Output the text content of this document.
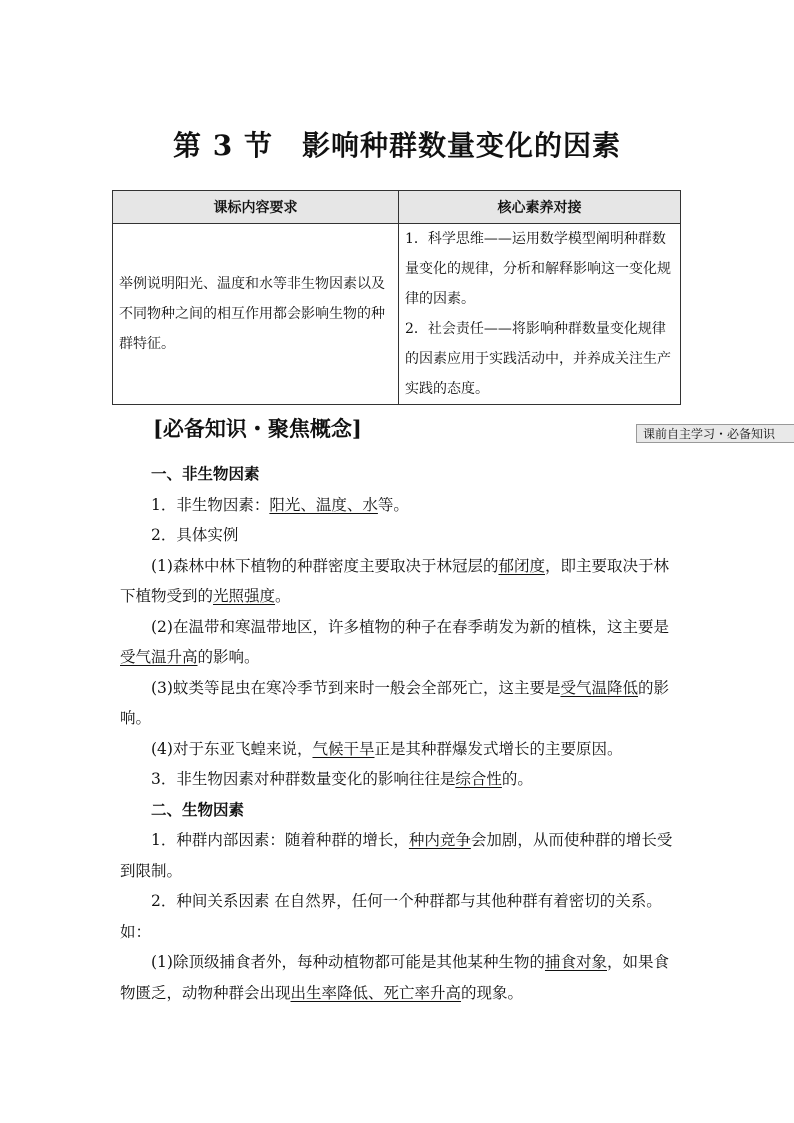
第 3 节　影响种群数量变化的因素
课标内容要求	核心素养对接
举例说明阳光、温度和水等非生物因素以及不同物种之间的相互作用都会影响生物的种群特征。	1．科学思维——运用数学模型阐明种群数量变化的规律，分析和解释影响这一变化规律的因素。
2．社会责任——将影响种群数量变化规律的因素应用于实践活动中，并养成关注生产实践的态度。
[必备知识・聚焦概念]	课前自主学习・必备知识

一、非生物因素

1．非生物因素：阳光、温度、水等。

2．具体实例

(1)森林中林下植物的种群密度主要取决于林冠层的郁闭度，即主要取决于林下植物受到的光照强度。

(2)在温带和寒温带地区，许多植物的种子在春季萌发为新的植株，这主要是受气温升高的影响。

(3)蚊类等昆虫在寒冷季节到来时一般会全部死亡，这主要是受气温降低的影响。

(4)对于东亚飞蝗来说，气候干旱正是其种群爆发式增长的主要原因。

3．非生物因素对种群数量变化的影响往往是综合性的。

二、生物因素

1．种群内部因素：随着种群的增长，种内竞争会加剧，从而使种群的增长受到限制。

2．种间关系因素 在自然界，任何一个种群都与其他种群有着密切的关系。如：

(1)除顶级捕食者外，每种动植物都可能是其他某种生物的捕食对象，如果食物匮乏，动物种群会出现出生率降低、死亡率升高的现象。
